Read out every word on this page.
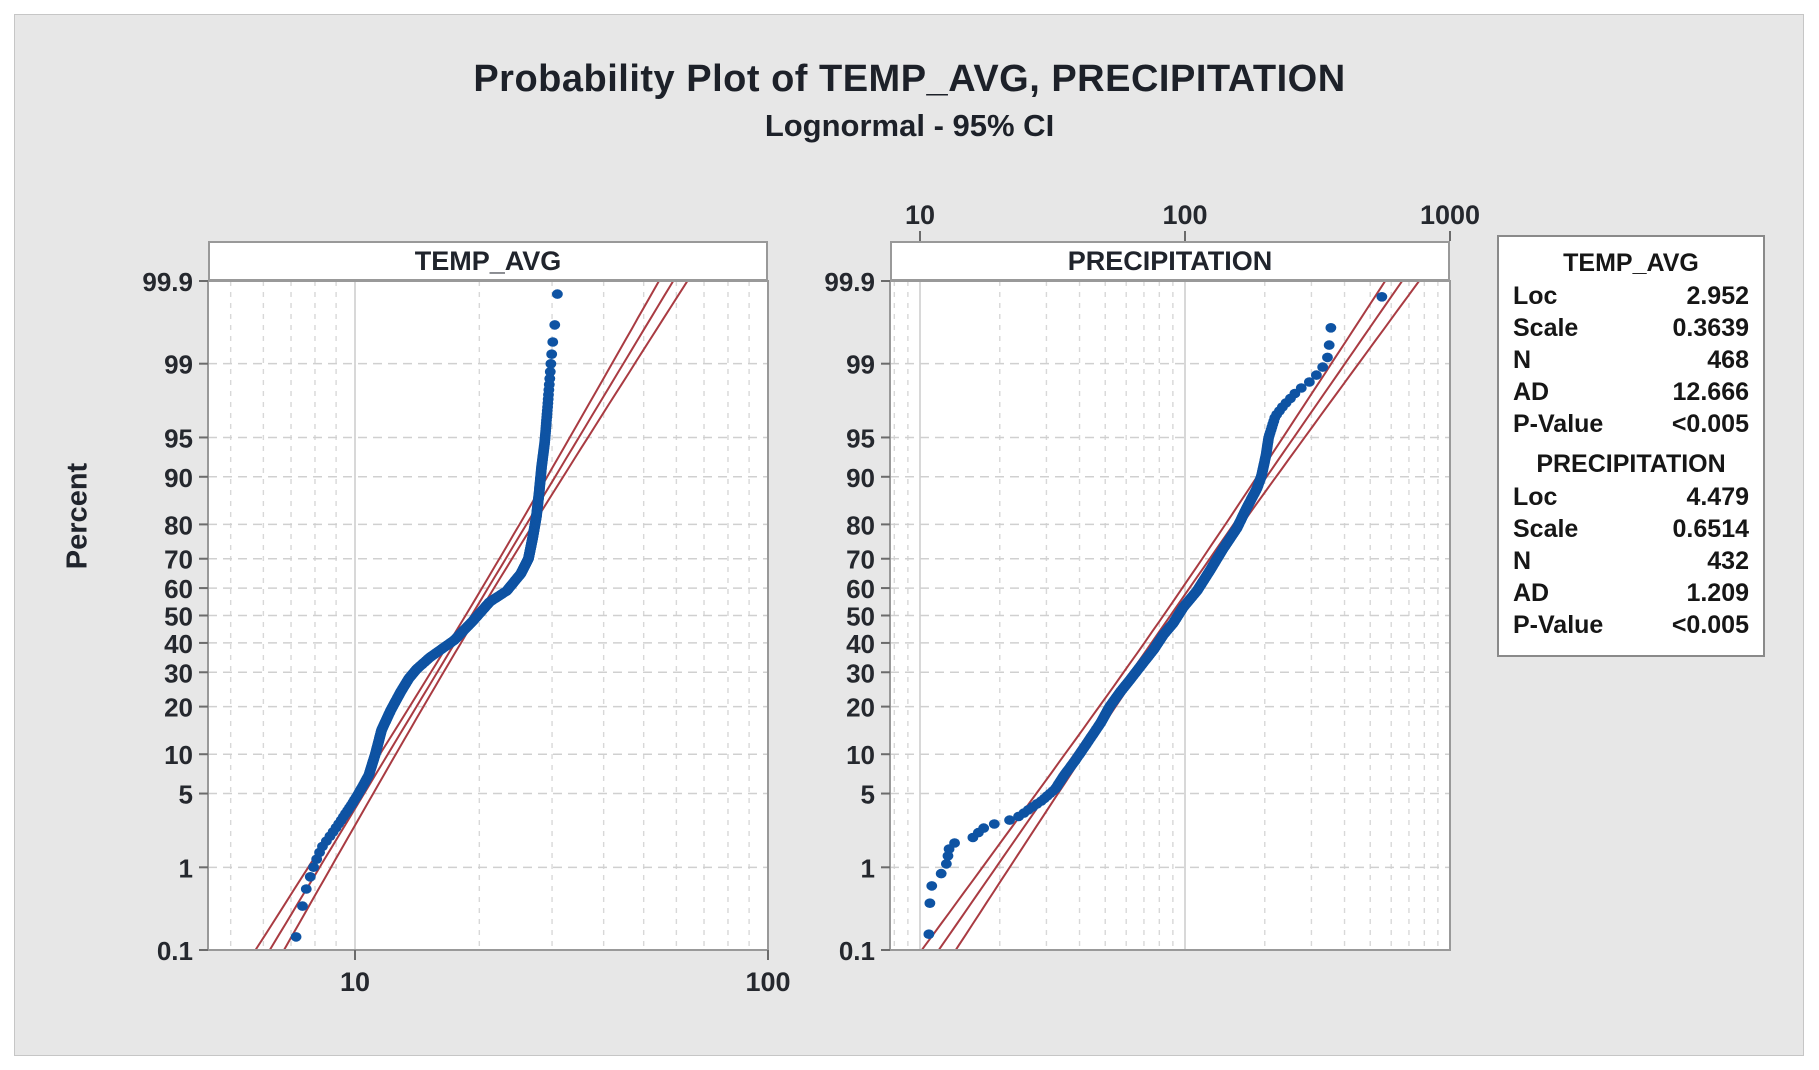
99.9
99
95
90
80
70
60
50
40
30
20
10
5
1
0.1
10	100
99.9
99
95
90
80
70
60
50
40
30
20
10
5
1
0.1
10	100	1000
Probability Plot of TEMP_AVG, PRECIPITATION
Lognormal - 95% CI
Percent
TEMP_AVG	PRECIPITATION	TEMP_AVG
Loc	2.952
Scale	0.3639
N	468
AD	12.666
P-Value	<0.005
PRECIPITATION
Loc	4.479
Scale	0.6514
N	432
AD	1.209
P-Value	<0.005
